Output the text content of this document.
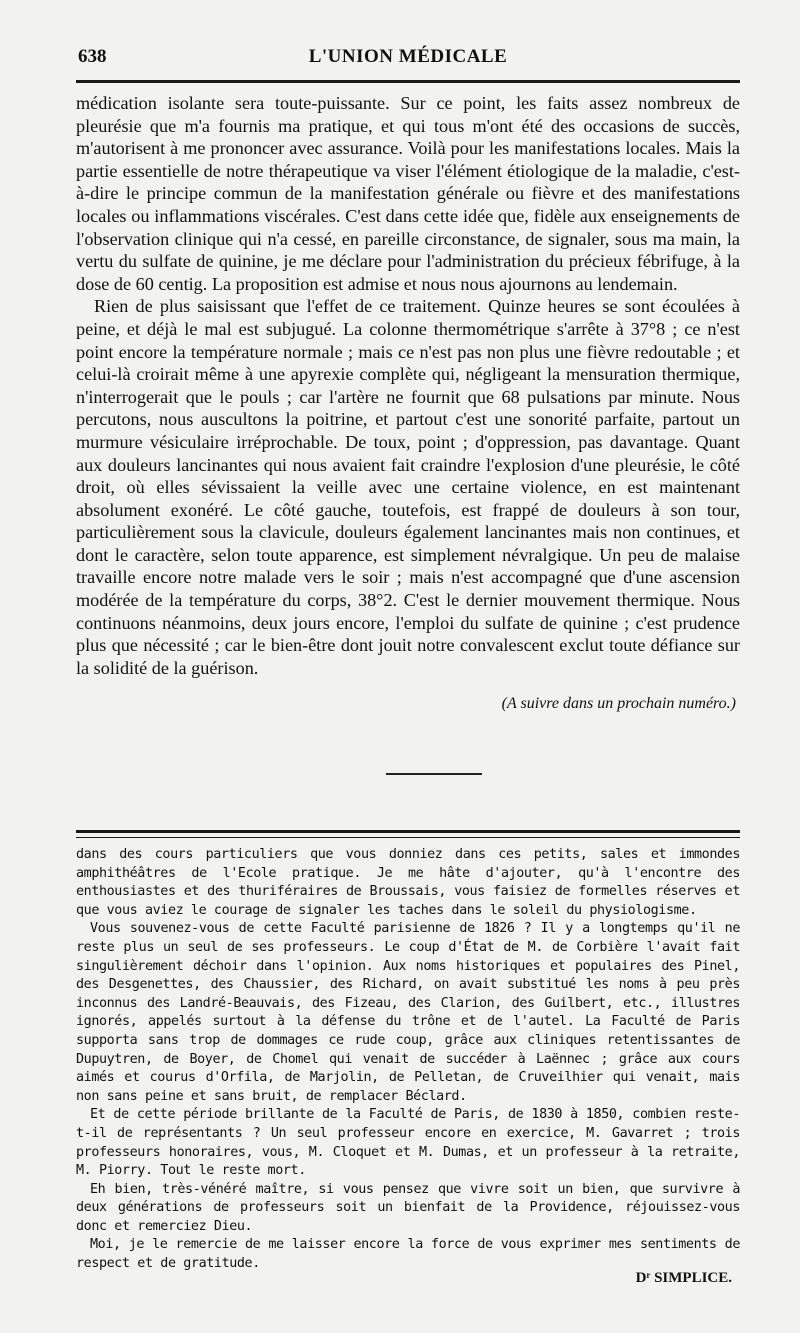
638	L'UNION MÉDICALE

médication isolante sera toute-puissante. Sur ce point, les faits assez nombreux de pleurésie que m'a fournis ma pratique, et qui tous m'ont été des occasions de succès, m'autorisent à me prononcer avec assurance. Voilà pour les manifestations locales. Mais la partie essentielle de notre thérapeutique va viser l'élément étiologique de la maladie, c'est-à-dire le principe commun de la manifestation générale ou fièvre et des manifestations locales ou inflammations viscérales. C'est dans cette idée que, fidèle aux enseignements de l'observation clinique qui n'a cessé, en pareille circonstance, de signaler, sous ma main, la vertu du sulfate de quinine, je me déclare pour l'administration du précieux fébrifuge, à la dose de 60 centig. La proposition est admise et nous nous ajournons au lendemain.

Rien de plus saisissant que l'effet de ce traitement. Quinze heures se sont écoulées à peine, et déjà le mal est subjugué. La colonne thermométrique s'arrête à 37°8 ; ce n'est point encore la température normale ; mais ce n'est pas non plus une fièvre redoutable ; et celui-là croirait même à une apyrexie complète qui, négligeant la mensuration thermique, n'interrogerait que le pouls ; car l'artère ne fournit que 68 pulsations par minute. Nous percutons, nous auscultons la poitrine, et partout c'est une sonorité parfaite, partout un murmure vésiculaire irréprochable. De toux, point ; d'oppression, pas davantage. Quant aux douleurs lancinantes qui nous avaient fait craindre l'explosion d'une pleurésie, le côté droit, où elles sévissaient la veille avec une certaine violence, en est maintenant absolument exonéré. Le côté gauche, toutefois, est frappé de douleurs à son tour, particulièrement sous la clavicule, douleurs également lancinantes mais non continues, et dont le caractère, selon toute apparence, est simplement névralgique. Un peu de malaise travaille encore notre malade vers le soir ; mais n'est accompagné que d'une ascension modérée de la température du corps, 38°2. C'est le dernier mouvement thermique. Nous continuons néanmoins, deux jours encore, l'emploi du sulfate de quinine ; c'est prudence plus que nécessité ; car le bien-être dont jouit notre convalescent exclut toute défiance sur la solidité de la guérison.

(A suivre dans un prochain numéro.)

dans des cours particuliers que vous donniez dans ces petits, sales et immondes amphithéâtres de l'Ecole pratique. Je me hâte d'ajouter, qu'à l'encontre des enthousiastes et des thuriféraires de Broussais, vous faisiez de formelles réserves et que vous aviez le courage de signaler les taches dans le soleil du physiologisme.

Vous souvenez-vous de cette Faculté parisienne de 1826 ? Il y a longtemps qu'il ne reste plus un seul de ses professeurs. Le coup d'État de M. de Corbière l'avait fait singulièrement déchoir dans l'opinion. Aux noms historiques et populaires des Pinel, des Desgenettes, des Chaussier, des Richard, on avait substitué les noms à peu près inconnus des Landré-Beauvais, des Fizeau, des Clarion, des Guilbert, etc., illustres ignorés, appelés surtout à la défense du trône et de l'autel. La Faculté de Paris supporta sans trop de dommages ce rude coup, grâce aux cliniques retentissantes de Dupuytren, de Boyer, de Chomel qui venait de succéder à Laënnec ; grâce aux cours aimés et courus d'Orfila, de Marjolin, de Pelletan, de Cruveilhier qui venait, mais non sans peine et sans bruit, de remplacer Béclard.

Et de cette période brillante de la Faculté de Paris, de 1830 à 1850, combien reste-t-il de représentants ? Un seul professeur encore en exercice, M. Gavarret ; trois professeurs honoraires, vous, M. Cloquet et M. Dumas, et un professeur à la retraite, M. Piorry. Tout le reste mort.

Eh bien, très-vénéré maître, si vous pensez que vivre soit un bien, que survivre à deux générations de professeurs soit un bienfait de la Providence, réjouissez-vous donc et remerciez Dieu.

Moi, je le remercie de me laisser encore la force de vous exprimer mes sentiments de respect et de gratitude.

Dʳ SIMPLICE.
